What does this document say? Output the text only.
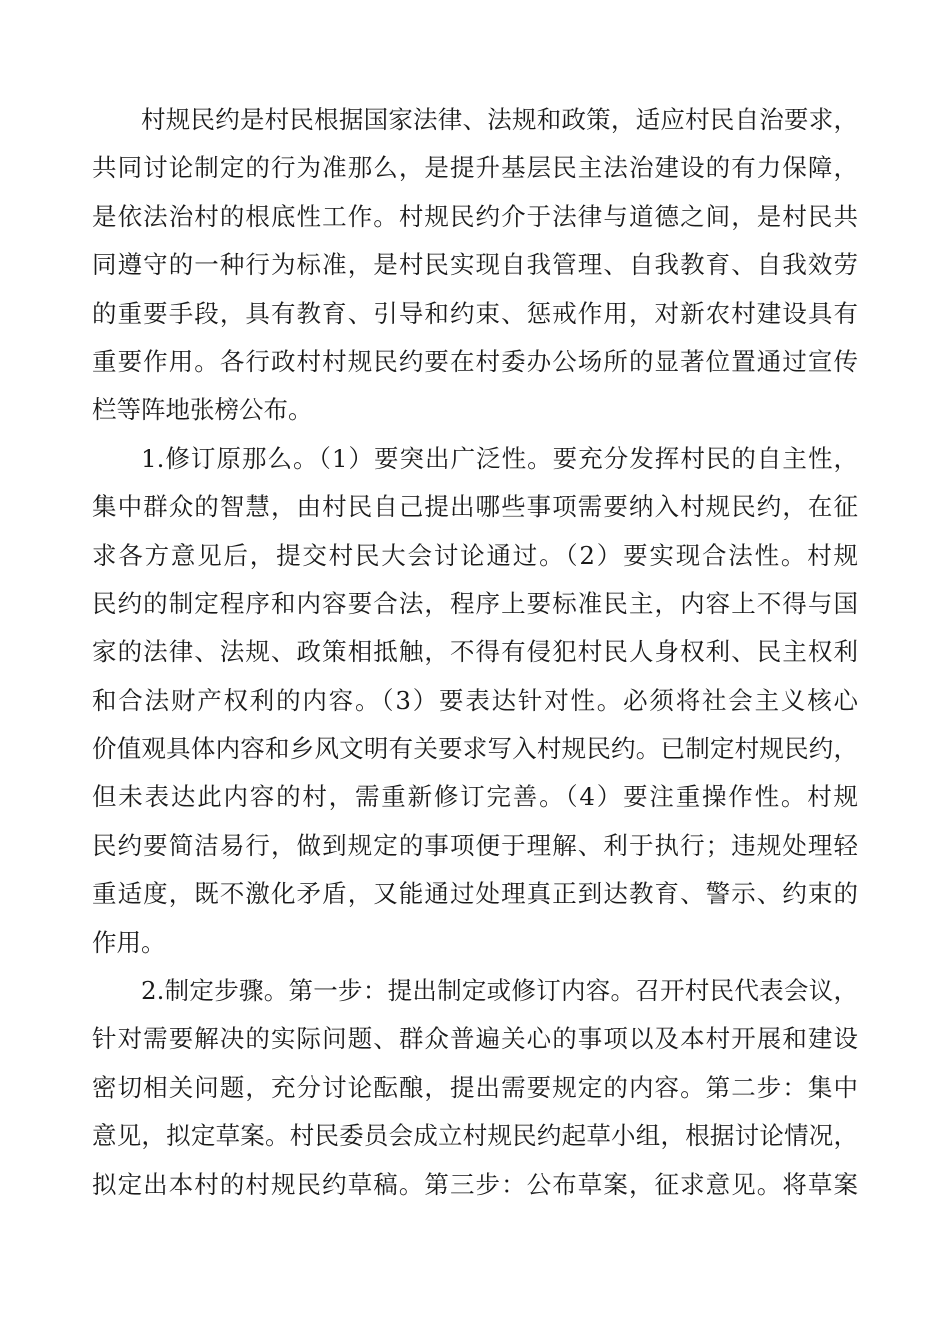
村规民约是村民根据国家法律、法规和政策，适应村民自治要求，
共同讨论制定的行为准那么，是提升基层民主法治建设的有力保障，
是依法治村的根底性工作。村规民约介于法律与道德之间，是村民共
同遵守的一种行为标准，是村民实现自我管理、自我教育、自我效劳
的重要手段，具有教育、引导和约束、惩戒作用，对新农村建设具有
重要作用。各行政村村规民约要在村委办公场所的显著位置通过宣传
栏等阵地张榜公布。
1.修订原那么。（1）要突出广泛性。要充分发挥村民的自主性，
集中群众的智慧，由村民自己提出哪些事项需要纳入村规民约，在征
求各方意见后，提交村民大会讨论通过。（2）要实现合法性。村规
民约的制定程序和内容要合法，程序上要标准民主，内容上不得与国
家的法律、法规、政策相抵触，不得有侵犯村民人身权利、民主权利
和合法财产权利的内容。（3）要表达针对性。必须将社会主义核心
价值观具体内容和乡风文明有关要求写入村规民约。已制定村规民约，
但未表达此内容的村，需重新修订完善。（4）要注重操作性。村规
民约要简洁易行，做到规定的事项便于理解、利于执行；违规处理轻
重适度，既不激化矛盾，又能通过处理真正到达教育、警示、约束的
作用。
2.制定步骤。第一步：提出制定或修订内容。召开村民代表会议，
针对需要解决的实际问题、群众普遍关心的事项以及本村开展和建设
密切相关问题，充分讨论酝酿，提出需要规定的内容。第二步：集中
意见，拟定草案。村民委员会成立村规民约起草小组，根据讨论情况，
拟定出本村的村规民约草稿。第三步：公布草案，征求意见。将草案
